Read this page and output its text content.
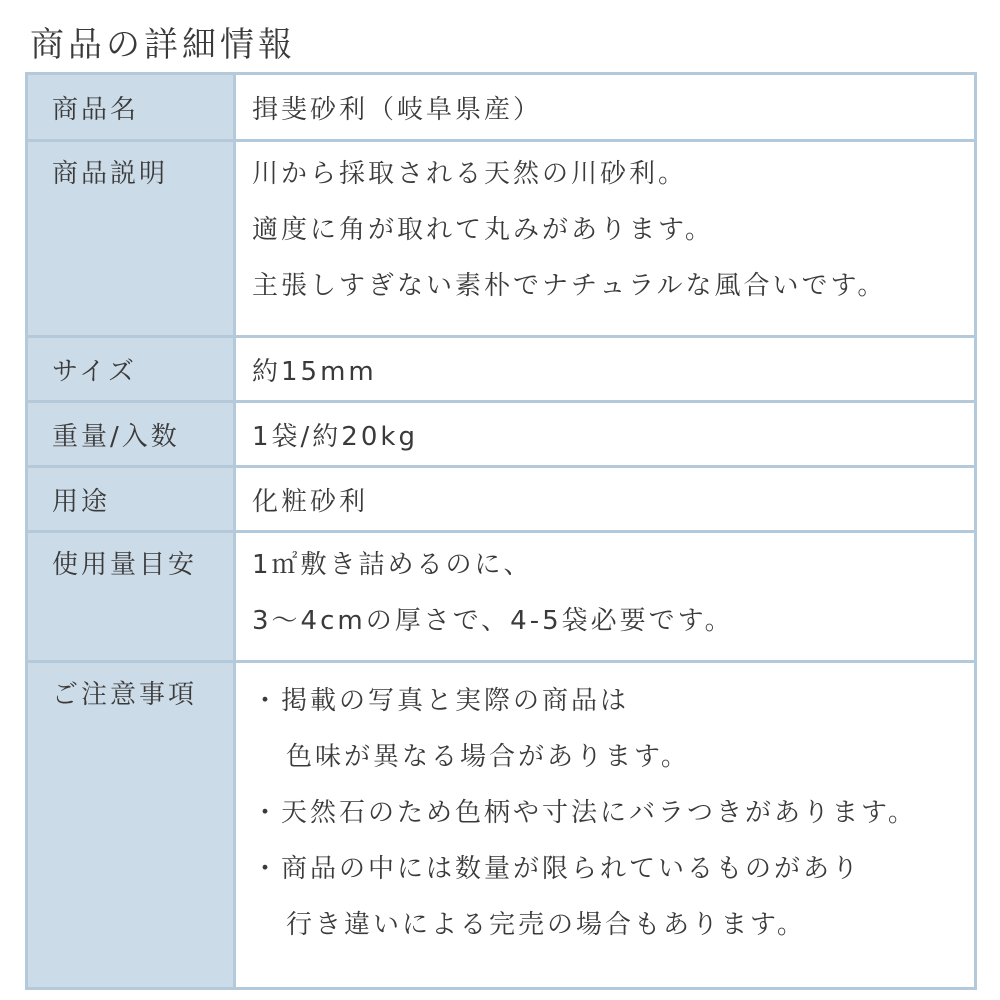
商品の詳細情報
商品名	揖斐砂利（岐阜県産）
商品説明	川から採取される天然の川砂利。
適度に角が取れて丸みがあります。
主張しすぎない素朴でナチュラルな風合いです。
サイズ	約15mm
重量/入数	1袋/約20kg
用途	化粧砂利
使用量目安	1㎡敷き詰めるのに、
3～4cmの厚さで、4-5袋必要です。
ご注意事項	・掲載の写真と実際の商品は
色味が異なる場合があります。
・天然石のため色柄や寸法にバラつきがあります。
・商品の中には数量が限られているものがあり
行き違いによる完売の場合もあります。
